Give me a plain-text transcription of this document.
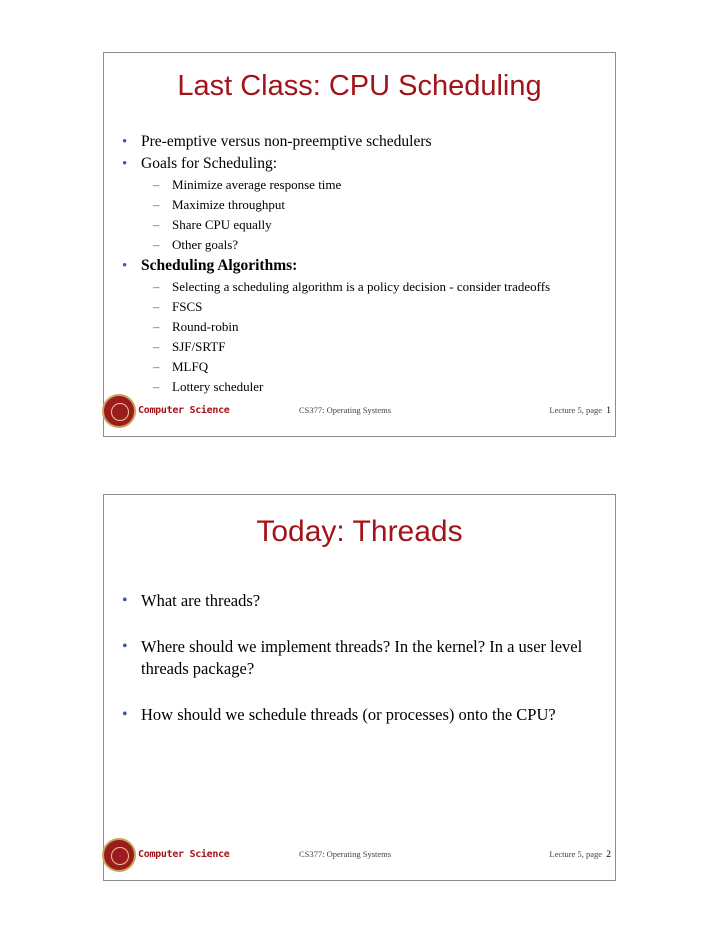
Last Class: CPU Scheduling
• Pre-emptive versus non-preemptive schedulers
• Goals for Scheduling:
– Minimize average response time
– Maximize throughput
– Share CPU equally
– Other goals?
• Scheduling Algorithms:
– Selecting a scheduling algorithm is a policy decision - consider tradeoffs
– FSCS
– Round-robin
– SJF/SRTF
– MLFQ
– Lottery scheduler
Computer Science	CS377: Operating Systems	Lecture 5, page 1
Today: Threads
• What are threads?
• Where should we implement threads? In the kernel? In a user level threads package?
• How should we schedule threads (or processes) onto the CPU?
Computer Science	CS377: Operating Systems	Lecture 5, page 2
